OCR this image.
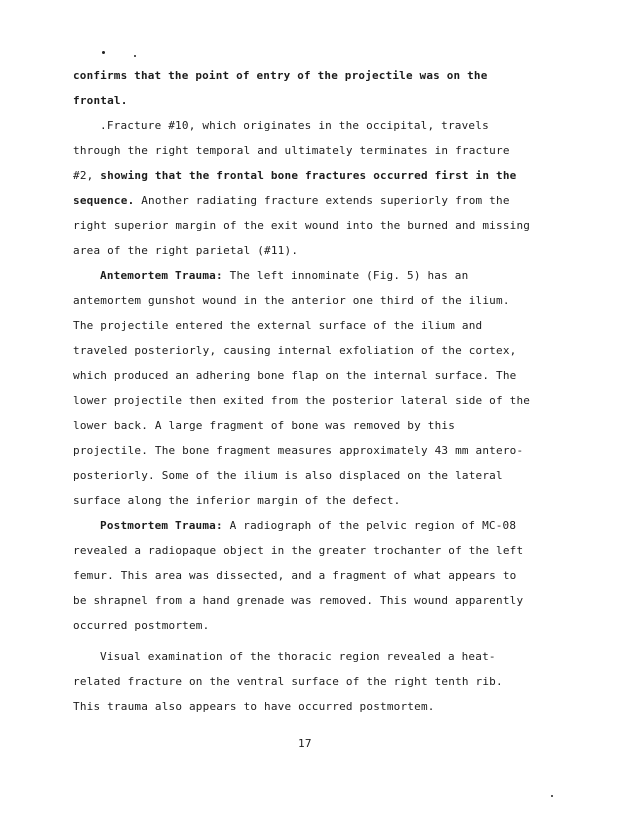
confirms that the point of entry of the projectile was on the
frontal.
.Fracture #10, which originates in the occipital, travels
through the right temporal and ultimately terminates in fracture
#2, showing that the frontal bone fractures occurred first in the
sequence. Another radiating fracture extends superiorly from the
right superior margin of the exit wound into the burned and missing
area of the right parietal (#11).
Antemortem Trauma: The left innominate (Fig. 5) has an
antemortem gunshot wound in the anterior one third of the ilium.
The projectile entered the external surface of the ilium and
traveled posteriorly, causing internal exfoliation of the cortex,
which produced an adhering bone flap on the internal surface. The
lower projectile then exited from the posterior lateral side of the
lower back. A large fragment of bone was removed by this
projectile. The bone fragment measures approximately 43 mm antero-
posteriorly. Some of the ilium is also displaced on the lateral
surface along the inferior margin of the defect.
Postmortem Trauma: A radiograph of the pelvic region of MC-08
revealed a radiopaque object in the greater trochanter of the left
femur. This area was dissected, and a fragment of what appears to
be shrapnel from a hand grenade was removed. This wound apparently
occurred postmortem.
Visual examination of the thoracic region revealed a heat-
related fracture on the ventral surface of the right tenth rib.
This trauma also appears to have occurred postmortem.
17
